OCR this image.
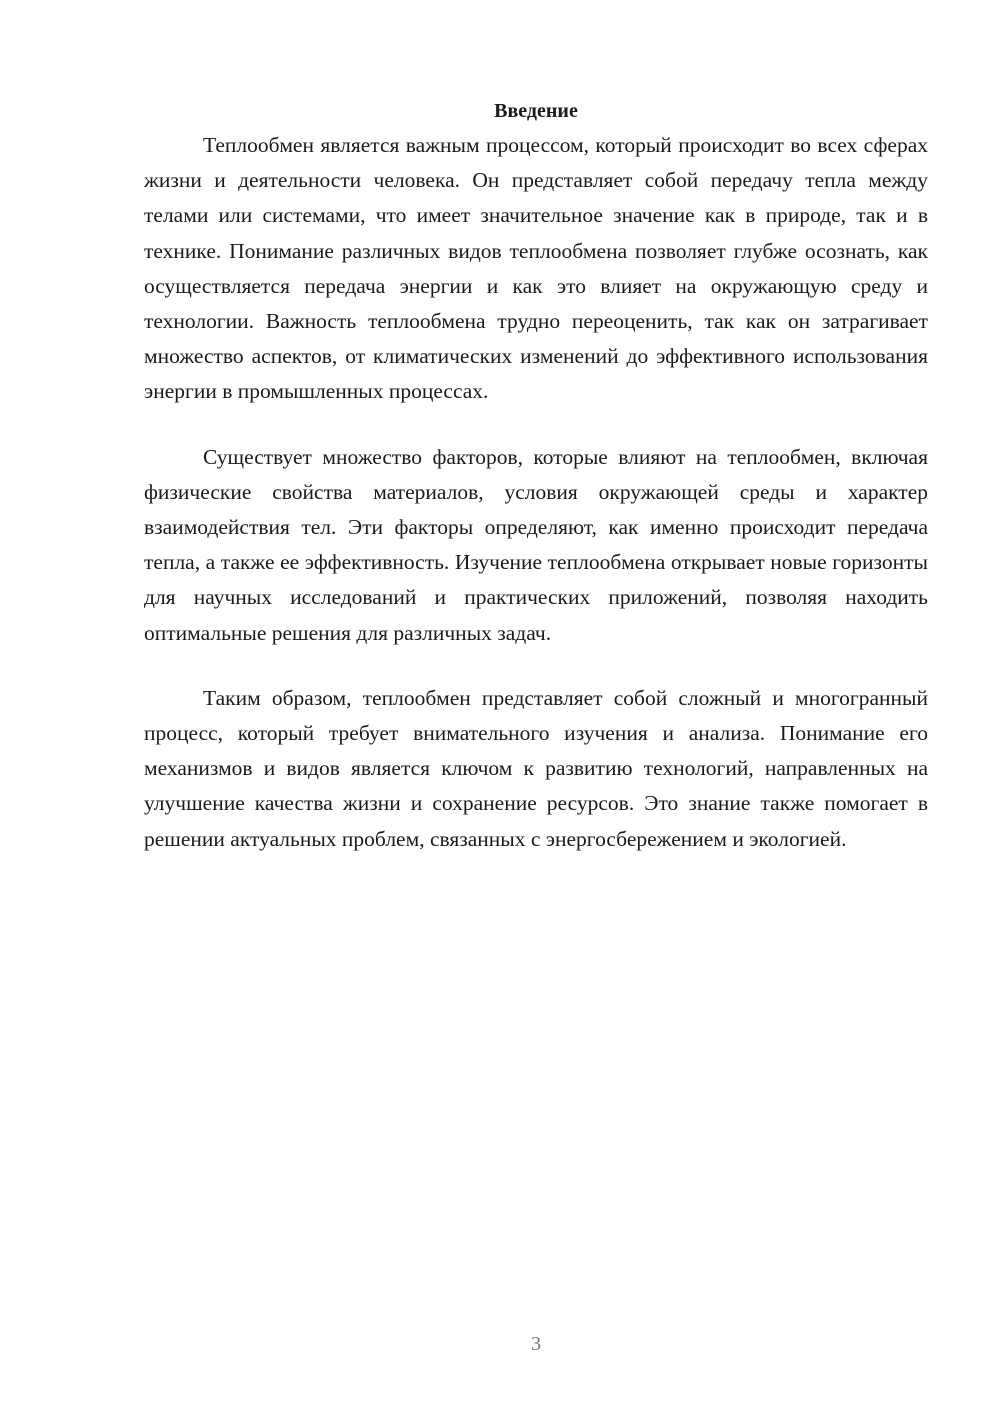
Введение

Теплообмен является важным процессом, который происходит во всех сферах жизни и деятельности человека. Он представляет собой передачу тепла между телами или системами, что имеет значительное значение как в природе, так и в технике. Понимание различных видов теплообмена позволяет глубже осознать, как осуществляется передача энергии и как это влияет на окружающую среду и технологии. Важность теплообмена трудно переоценить, так как он затрагивает множество аспектов, от климатических изменений до эффективного использования энергии в промышленных процессах.

Существует множество факторов, которые влияют на теплообмен, включая физические свойства материалов, условия окружающей среды и характер взаимодействия тел. Эти факторы определяют, как именно происходит передача тепла, а также ее эффективность. Изучение теплообмена открывает новые горизонты для научных исследований и практических приложений, позволяя находить оптимальные решения для различных задач.

Таким образом, теплообмен представляет собой сложный и многогранный процесс, который требует внимательного изучения и анализа. Понимание его механизмов и видов является ключом к развитию технологий, направленных на улучшение качества жизни и сохранение ресурсов. Это знание также помогает в решении актуальных проблем, связанных с энергосбережением и экологией.

3
